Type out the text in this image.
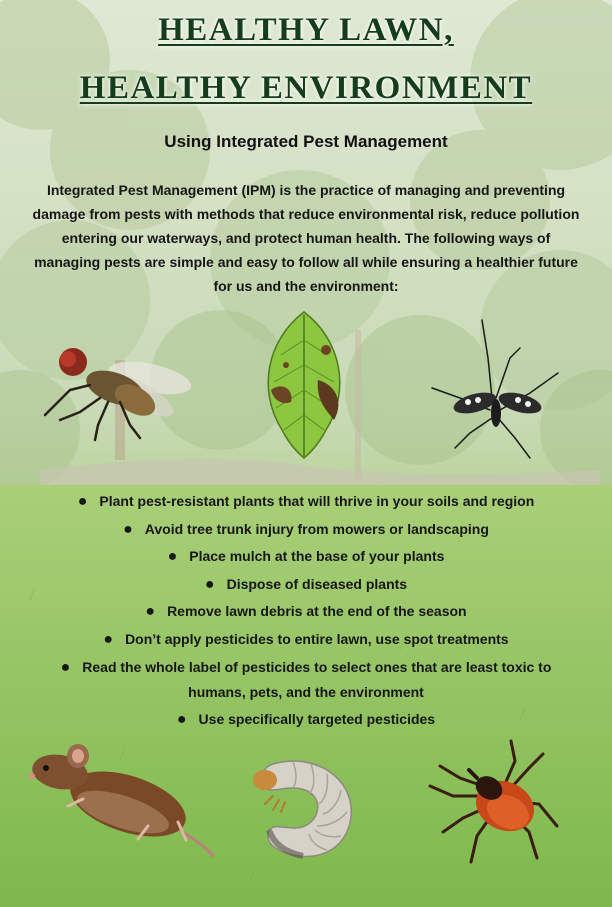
HEALTHY LAWN,
HEALTHY ENVIRONMENT
Using Integrated Pest Management
Integrated Pest Management (IPM) is the practice of managing and preventing damage from pests with methods that reduce environmental risk, reduce pollution entering our waterways, and protect human health. The following ways of managing pests are simple and easy to follow all while ensuring a healthier future for us and the environment:
● Plant pest-resistant plants that will thrive in your soils and region
● Avoid tree trunk injury from mowers or landscaping
● Place mulch at the base of your plants
● Dispose of diseased plants
● Remove lawn debris at the end of the season
● Don’t apply pesticides to entire lawn, use spot treatments
● Read the whole label of pesticides to select ones that are least toxic to humans, pets, and the environment
● Use specifically targeted pesticides
